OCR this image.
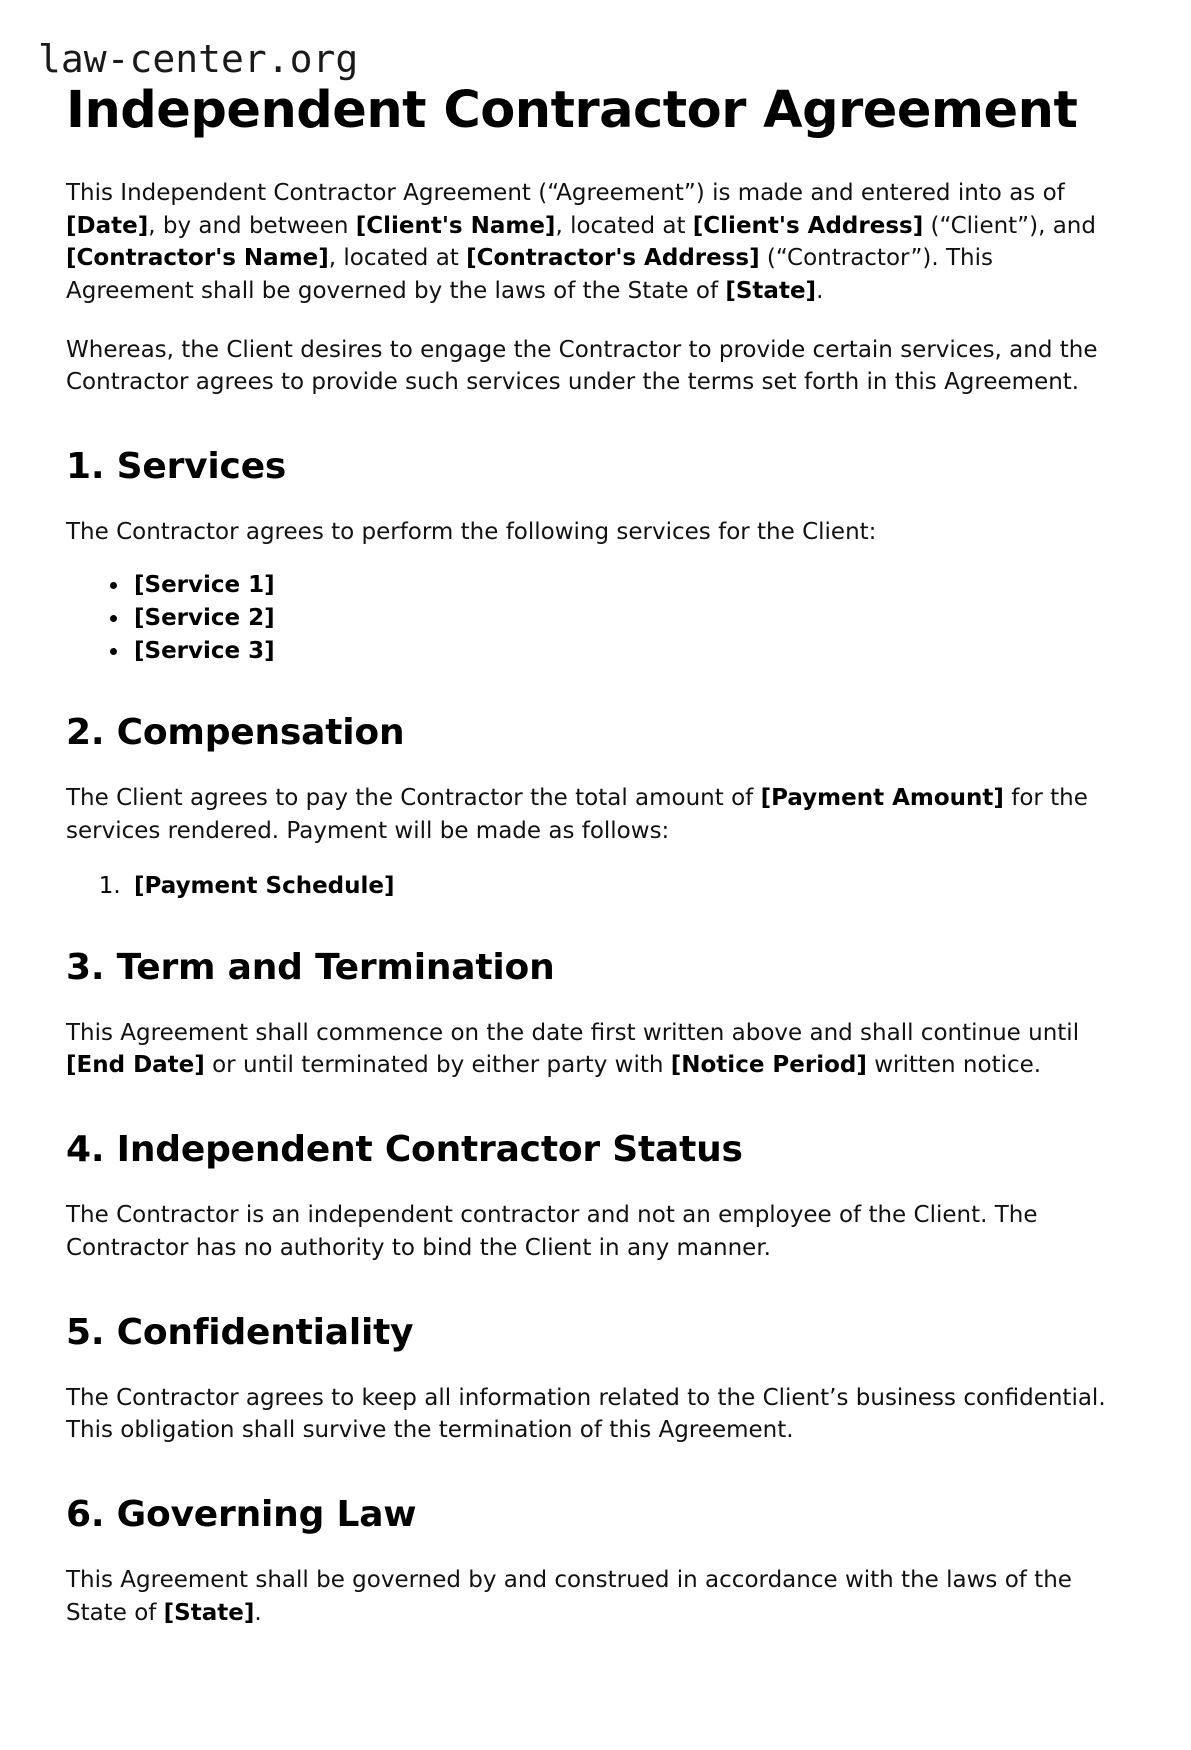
law-center.org
Independent Contractor Agreement

This Independent Contractor Agreement (“Agreement”) is made and entered into as of [Date], by and between [Client's Name], located at [Client's Address] (“Client”), and [Contractor's Name], located at [Contractor's Address] (“Contractor”). This Agreement shall be governed by the laws of the State of [State].

Whereas, the Client desires to engage the Contractor to provide certain services, and the Contractor agrees to provide such services under the terms set forth in this Agreement.

1. Services

The Contractor agrees to perform the following services for the Client:

• [Service 1]
• [Service 2]
• [Service 3]
2. Compensation

The Client agrees to pay the Contractor the total amount of [Payment Amount] for the services rendered. Payment will be made as follows:

1. [Payment Schedule]
3. Term and Termination

This Agreement shall commence on the date first written above and shall continue until [End Date] or until terminated by either party with [Notice Period] written notice.

4. Independent Contractor Status

The Contractor is an independent contractor and not an employee of the Client. The Contractor has no authority to bind the Client in any manner.

5. Confidentiality

The Contractor agrees to keep all information related to the Client’s business confidential. This obligation shall survive the termination of this Agreement.

6. Governing Law

This Agreement shall be governed by and construed in accordance with the laws of the State of [State].
